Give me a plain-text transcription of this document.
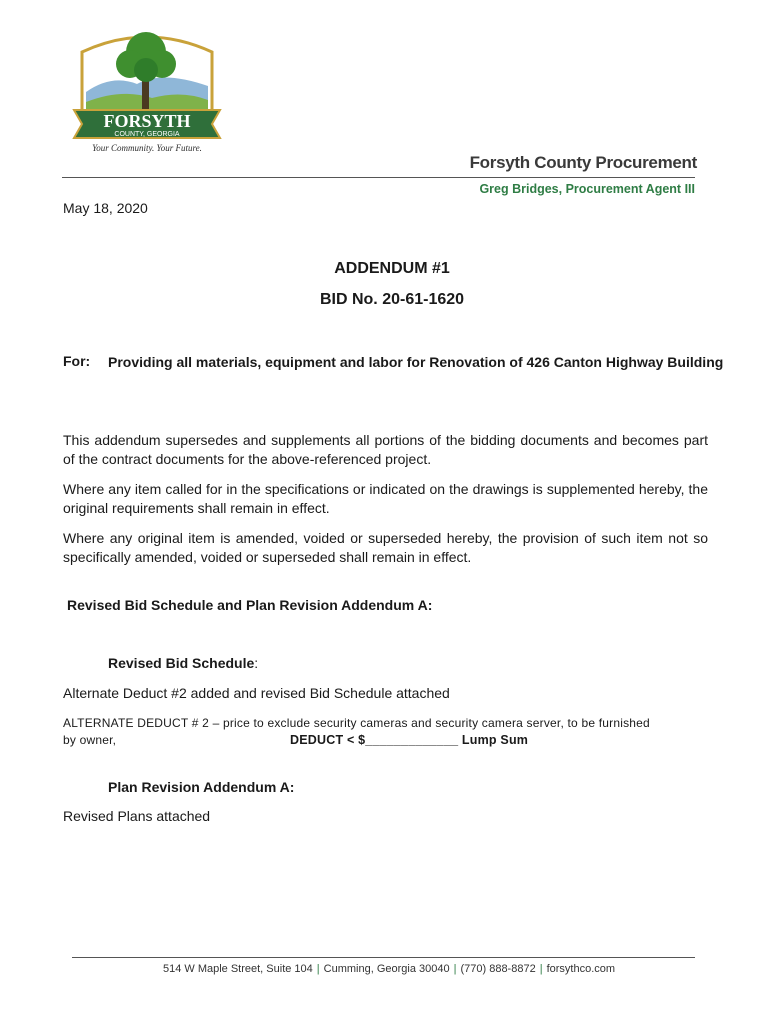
FORSYTH
COUNTY, GEORGIA
Your Community. Your Future.
Forsyth County Procurement
Greg Bridges, Procurement Agent III
May 18, 2020
ADDENDUM #1
BID No. 20-61-1620
For: Providing all materials, equipment and labor for Renovation of 426 Canton Highway Building
This addendum supersedes and supplements all portions of the bidding documents and becomes part of the contract documents for the above-referenced project.
Where any item called for in the specifications or indicated on the drawings is supplemented hereby, the original requirements shall remain in effect.
Where any original item is amended, voided or superseded hereby, the provision of such item not so specifically amended, voided or superseded shall remain in effect.
Revised Bid Schedule and Plan Revision Addendum A:
Revised Bid Schedule:
Alternate Deduct #2 added and revised Bid Schedule attached
ALTERNATE DEDUCT # 2 – price to exclude security cameras and security camera server, to be furnished
by owner,	DEDUCT < $_____________ Lump Sum
Plan Revision Addendum A:
Revised Plans attached
514 W Maple Street, Suite 104 | Cumming, Georgia 30040 | (770) 888-8872 | forsythco.com
